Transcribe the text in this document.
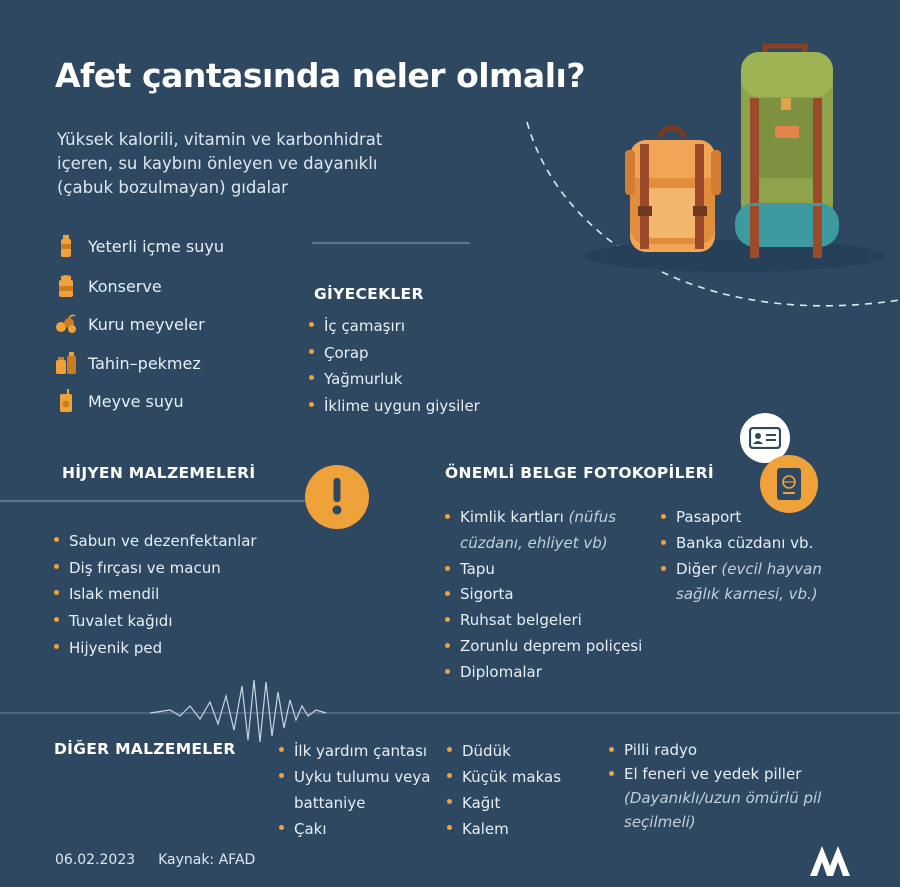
Afet çantasında neler olmalı?
Yüksek kalorili, vitamin ve karbonhidrat içeren, su kaybını önleyen ve dayanıklı (çabuk bozulmayan) gıdalar
Yeterli içme suyu
Konserve
Kuru meyveler
Tahin–pekmez
Meyve suyu
GİYECEKLER
İç çamaşırı
Çorap
Yağmurluk
İklime uygun giysiler
HİJYEN MALZEMELERİ
Sabun ve dezenfektanlar
Diş fırçası ve macun
Islak mendil
Tuvalet kağıdı
Hijyenik ped
ÖNEMLİ BELGE FOTOKOPİLERİ
Kimlik kartları (nüfus
cüzdanı, ehliyet vb)
Tapu
Sigorta
Ruhsat belgeleri
Zorunlu deprem poliçesi
Diplomalar
Pasaport
Banka cüzdanı vb.
Diğer (evcil hayvan
sağlık karnesi, vb.)
DİĞER MALZEMELER	İlk yardım çantası
Uyku tulumu veya
battaniye
Çakı
Düdük
Küçük makas
Kağıt
Kalem
Pilli radyo
El feneri ve yedek piller
(Dayanıklı/uzun ömürlü pil
seçilmeli)
06.02.2023 Kaynak: AFAD
